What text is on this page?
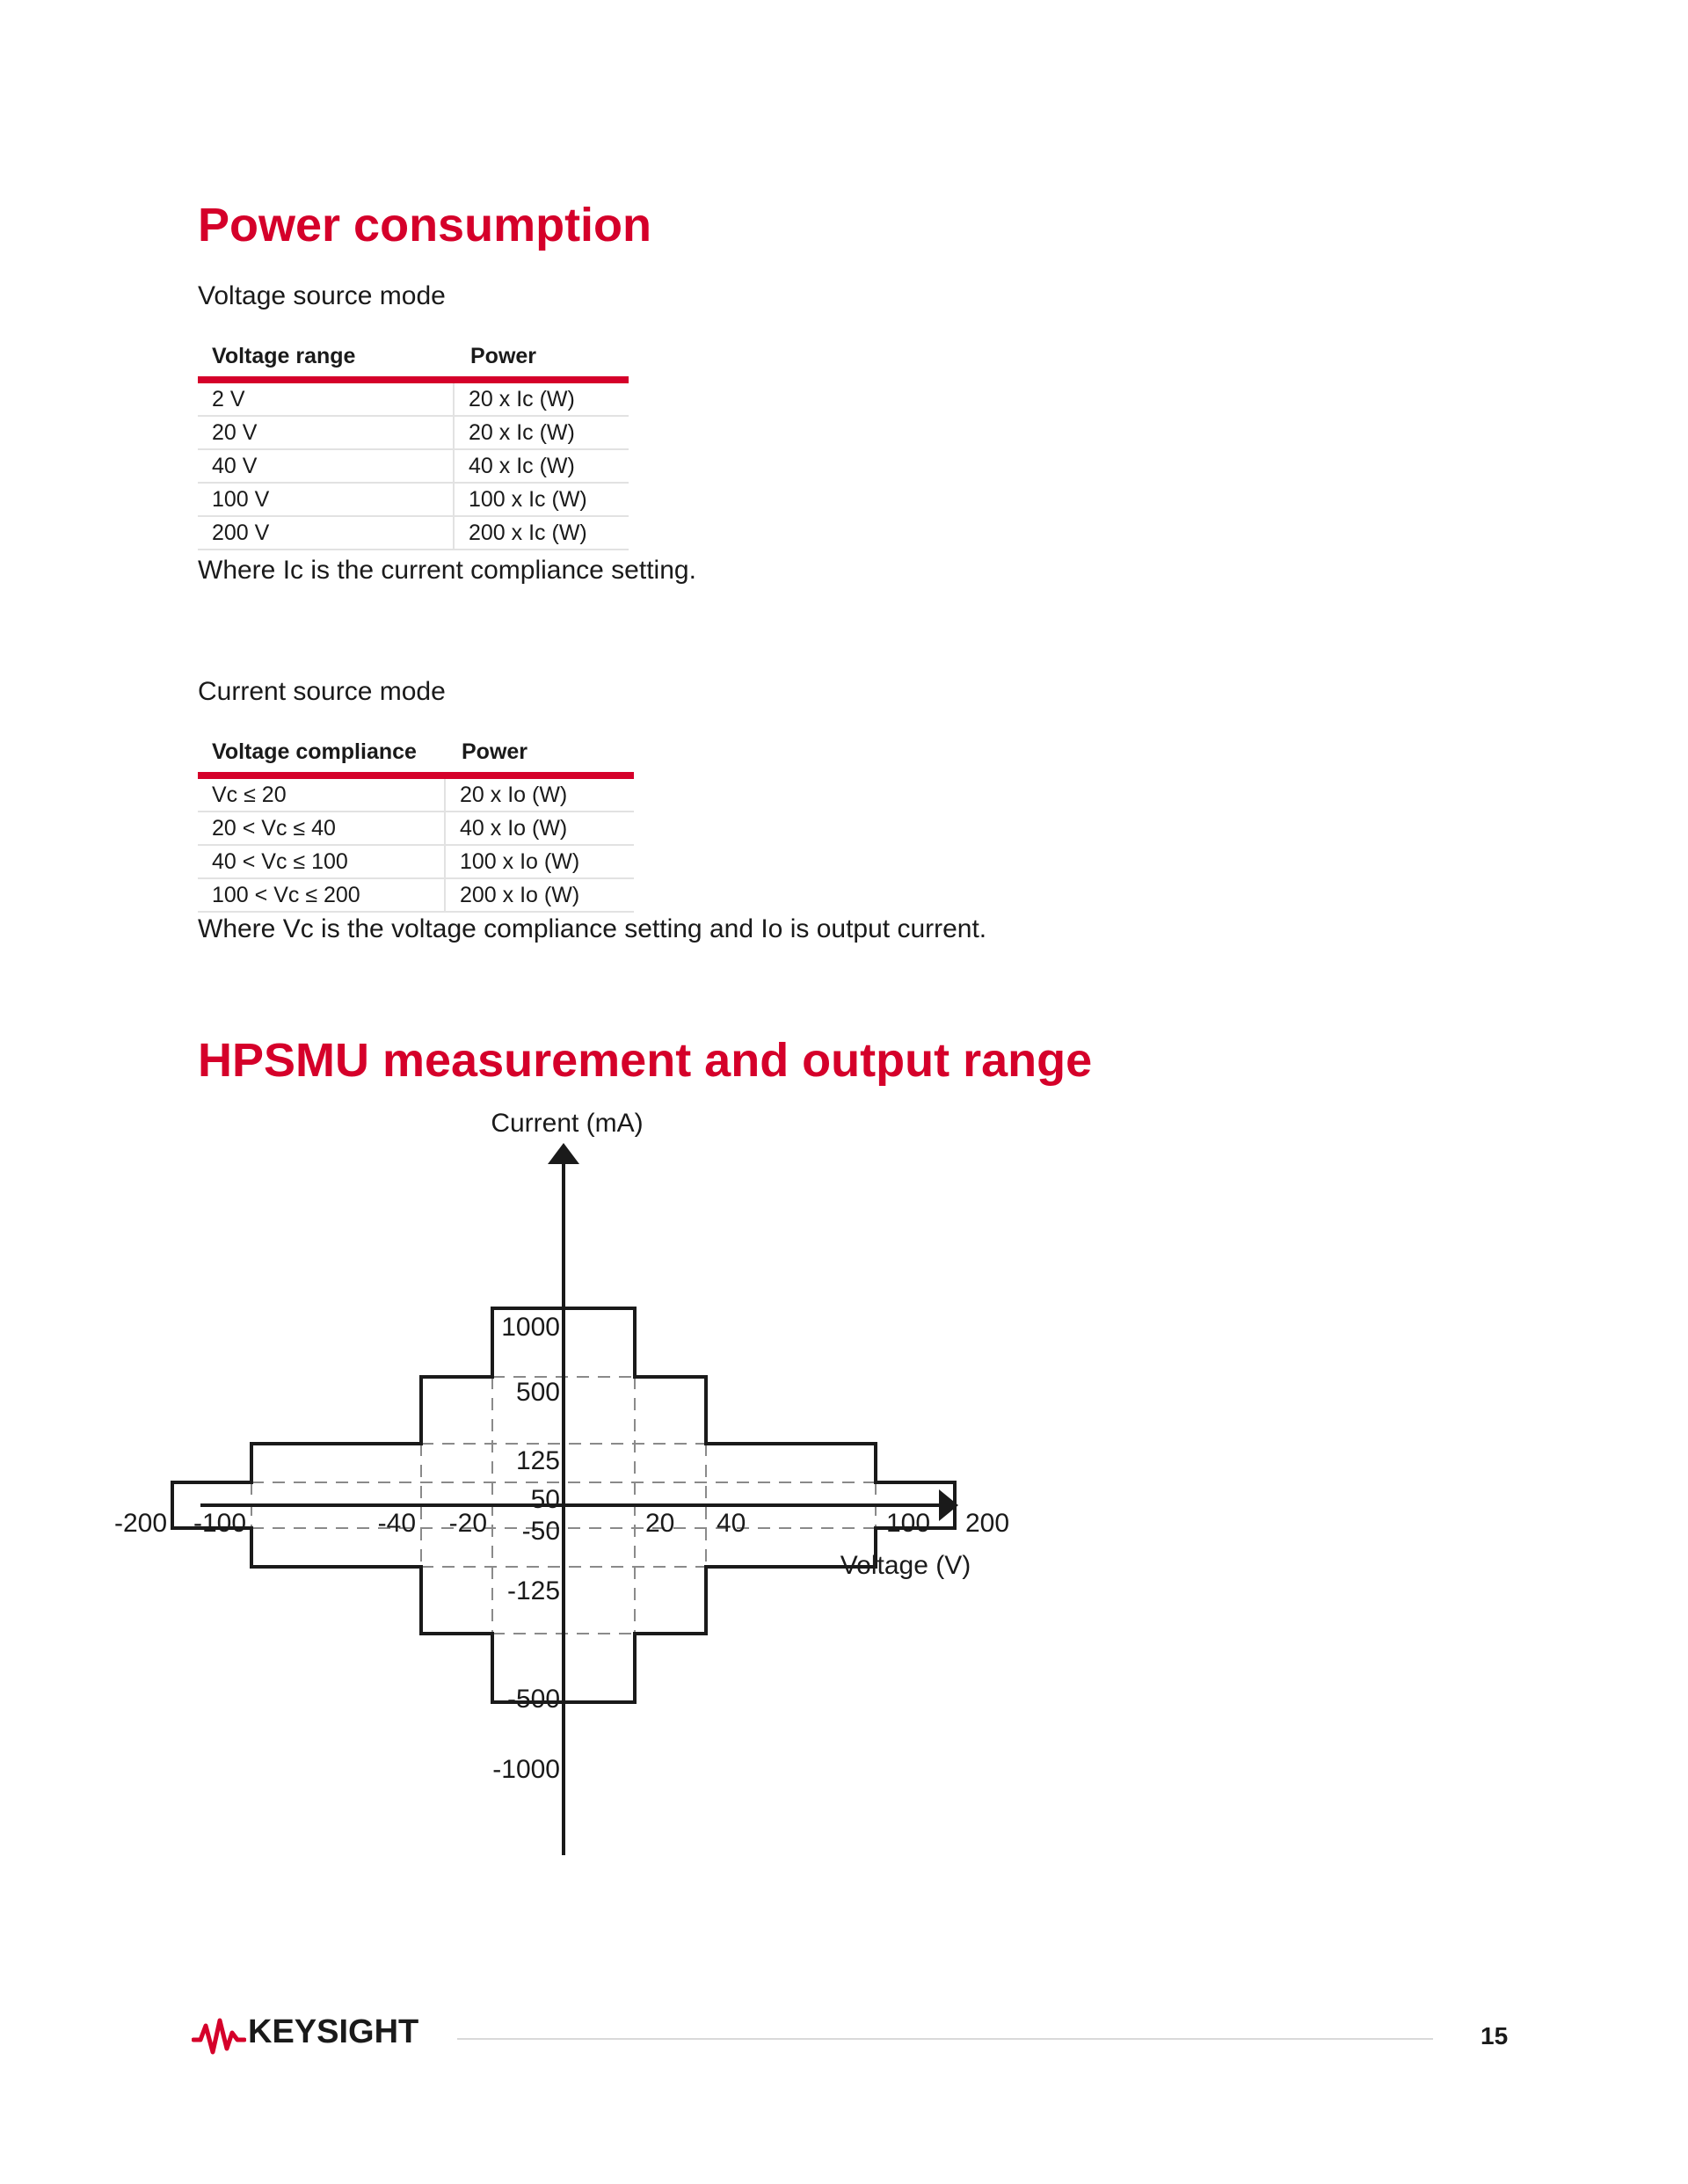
Power consumption

Voltage source mode

Voltage range	Power
2 V	20 x Ic (W)
20 V	20 x Ic (W)
40 V	40 x Ic (W)
100 V	100 x Ic (W)
200 V	200 x Ic (W)

Where Ic is the current compliance setting.

Current source mode

Voltage compliance	Power
Vc ≤ 20	20 x Io (W)
20 < Vc ≤ 40	40 x Io (W)
40 < Vc ≤ 100	100 x Io (W)
100 < Vc ≤ 200	200 x Io (W)

Where Vc is the voltage compliance setting and Io is output current.

HPSMU measurement and output range
Current (mA)
Voltage (V)
-200 -100	-40 -20	20 40	100 200
1000
500
125
50
-50
-125
-500
-1000
KEYSIGHT	15
